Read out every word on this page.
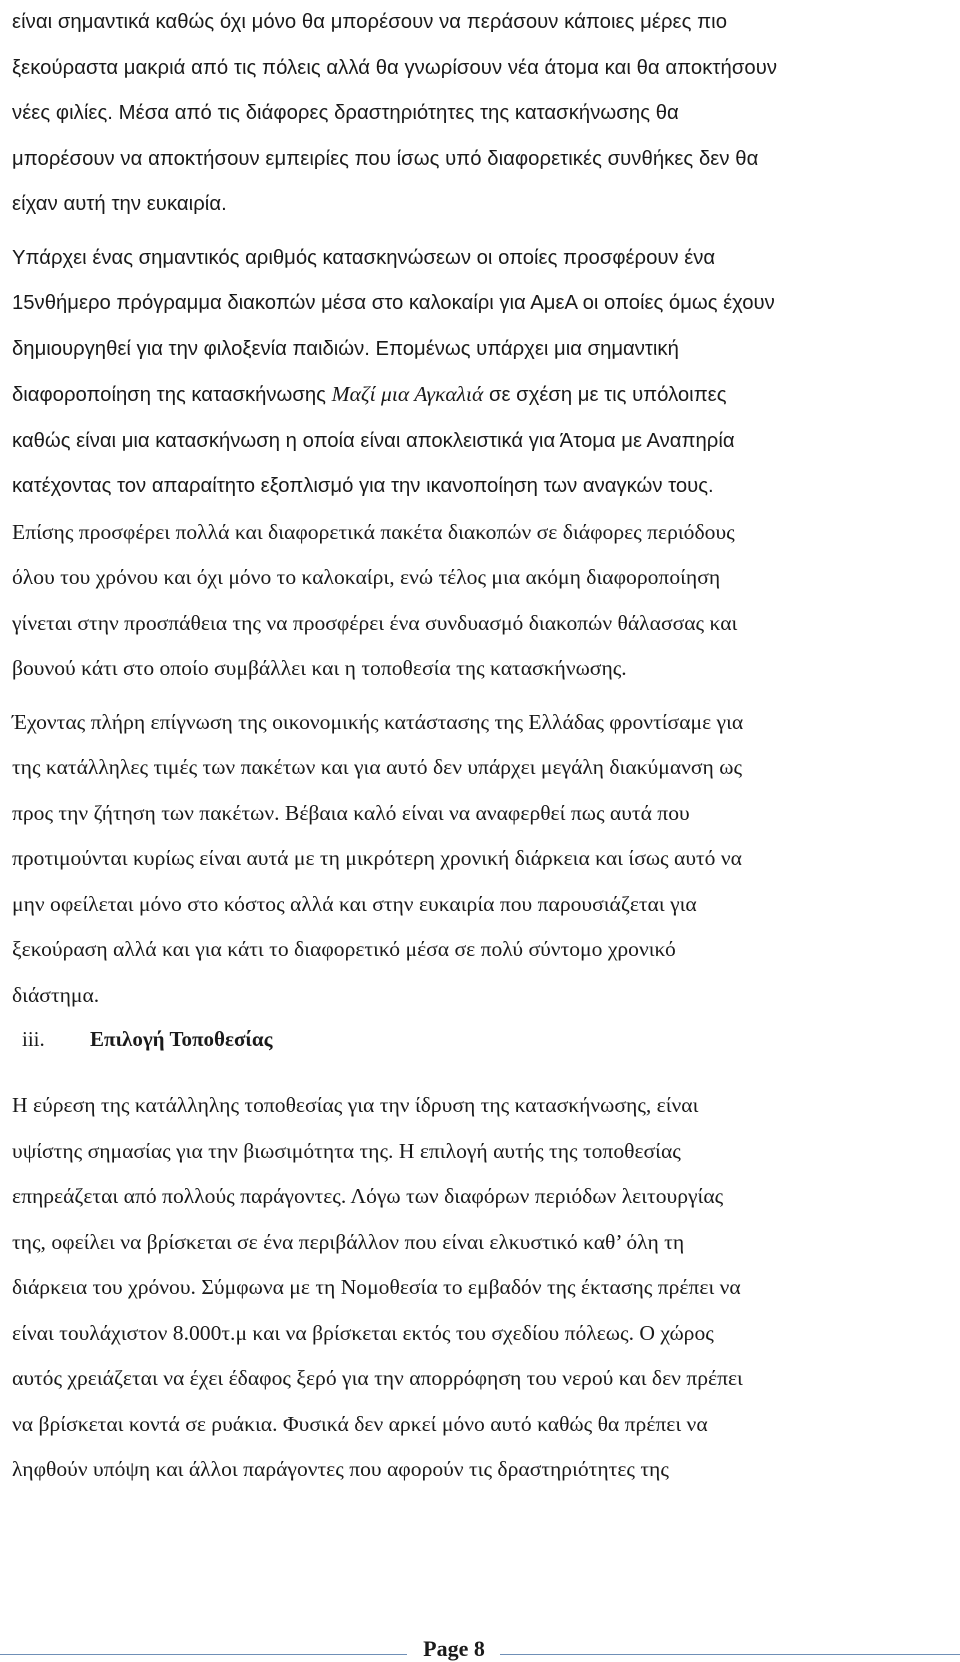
είναι σημαντικά καθώς όχι μόνο θα μπορέσουν να περάσουν κάποιες μέρες πιο
ξεκούραστα μακριά από τις πόλεις αλλά θα γνωρίσουν νέα άτομα και θα αποκτήσουν
νέες φιλίες. Μέσα από τις διάφορες δραστηριότητες της κατασκήνωσης θα
μπορέσουν να αποκτήσουν εμπειρίες που ίσως υπό διαφορετικές συνθήκες δεν θα
είχαν αυτή την ευκαιρία.

Υπάρχει ένας σημαντικός αριθμός κατασκηνώσεων οι οποίες προσφέρουν ένα
15νθήμερο πρόγραμμα διακοπών μέσα στο καλοκαίρι για ΑμεΑ οι οποίες όμως έχουν
δημιουργηθεί για την φιλοξενία παιδιών. Επομένως υπάρχει μια σημαντική
διαφοροποίηση της κατασκήνωσης Μαζί μια Αγκαλιά σε σχέση με τις υπόλοιπες
καθώς είναι μια κατασκήνωση η οποία είναι αποκλειστικά για Άτομα με Αναπηρία
κατέχοντας τον απαραίτητο εξοπλισμό για την ικανοποίηση των αναγκών τους.
Επίσης προσφέρει πολλά και διαφορετικά πακέτα διακοπών σε διάφορες περιόδους
όλου του χρόνου και όχι μόνο το καλοκαίρι, ενώ τέλος μια ακόμη διαφοροποίηση
γίνεται στην προσπάθεια της να προσφέρει ένα συνδυασμό διακοπών θάλασσας και
βουνού κάτι στο οποίο συμβάλλει και η τοποθεσία της κατασκήνωσης.

Έχοντας πλήρη επίγνωση της οικονομικής κατάστασης της Ελλάδας φροντίσαμε για
της κατάλληλες τιμές των πακέτων και για αυτό δεν υπάρχει μεγάλη διακύμανση ως
προς την ζήτηση των πακέτων. Βέβαια καλό είναι να αναφερθεί πως αυτά που
προτιμούνται κυρίως είναι αυτά με τη μικρότερη χρονική διάρκεια και ίσως αυτό να
μην οφείλεται μόνο στο κόστος αλλά και στην ευκαιρία που παρουσιάζεται για
ξεκούραση αλλά και για κάτι το διαφορετικό μέσα σε πολύ σύντομο χρονικό
διάστημα.

iii. Επιλογή Τοποθεσίας

Η εύρεση της κατάλληλης τοποθεσίας για την ίδρυση της κατασκήνωσης, είναι
υψίστης σημασίας για την βιωσιμότητα της. Η επιλογή αυτής της τοποθεσίας
επηρεάζεται από πολλούς παράγοντες. Λόγω των διαφόρων περιόδων λειτουργίας
της, οφείλει να βρίσκεται σε ένα περιβάλλον που είναι ελκυστικό καθ’ όλη τη
διάρκεια του χρόνου. Σύμφωνα με τη Νομοθεσία το εμβαδόν της έκτασης πρέπει να
είναι τουλάχιστον 8.000τ.μ και να βρίσκεται εκτός του σχεδίου πόλεως. Ο χώρος
αυτός χρειάζεται να έχει έδαφος ξερό για την απορρόφηση του νερού και δεν πρέπει
να βρίσκεται κοντά σε ρυάκια. Φυσικά δεν αρκεί μόνο αυτό καθώς θα πρέπει να
ληφθούν υπόψη και άλλοι παράγοντες που αφορούν τις δραστηριότητες της

Page 8
